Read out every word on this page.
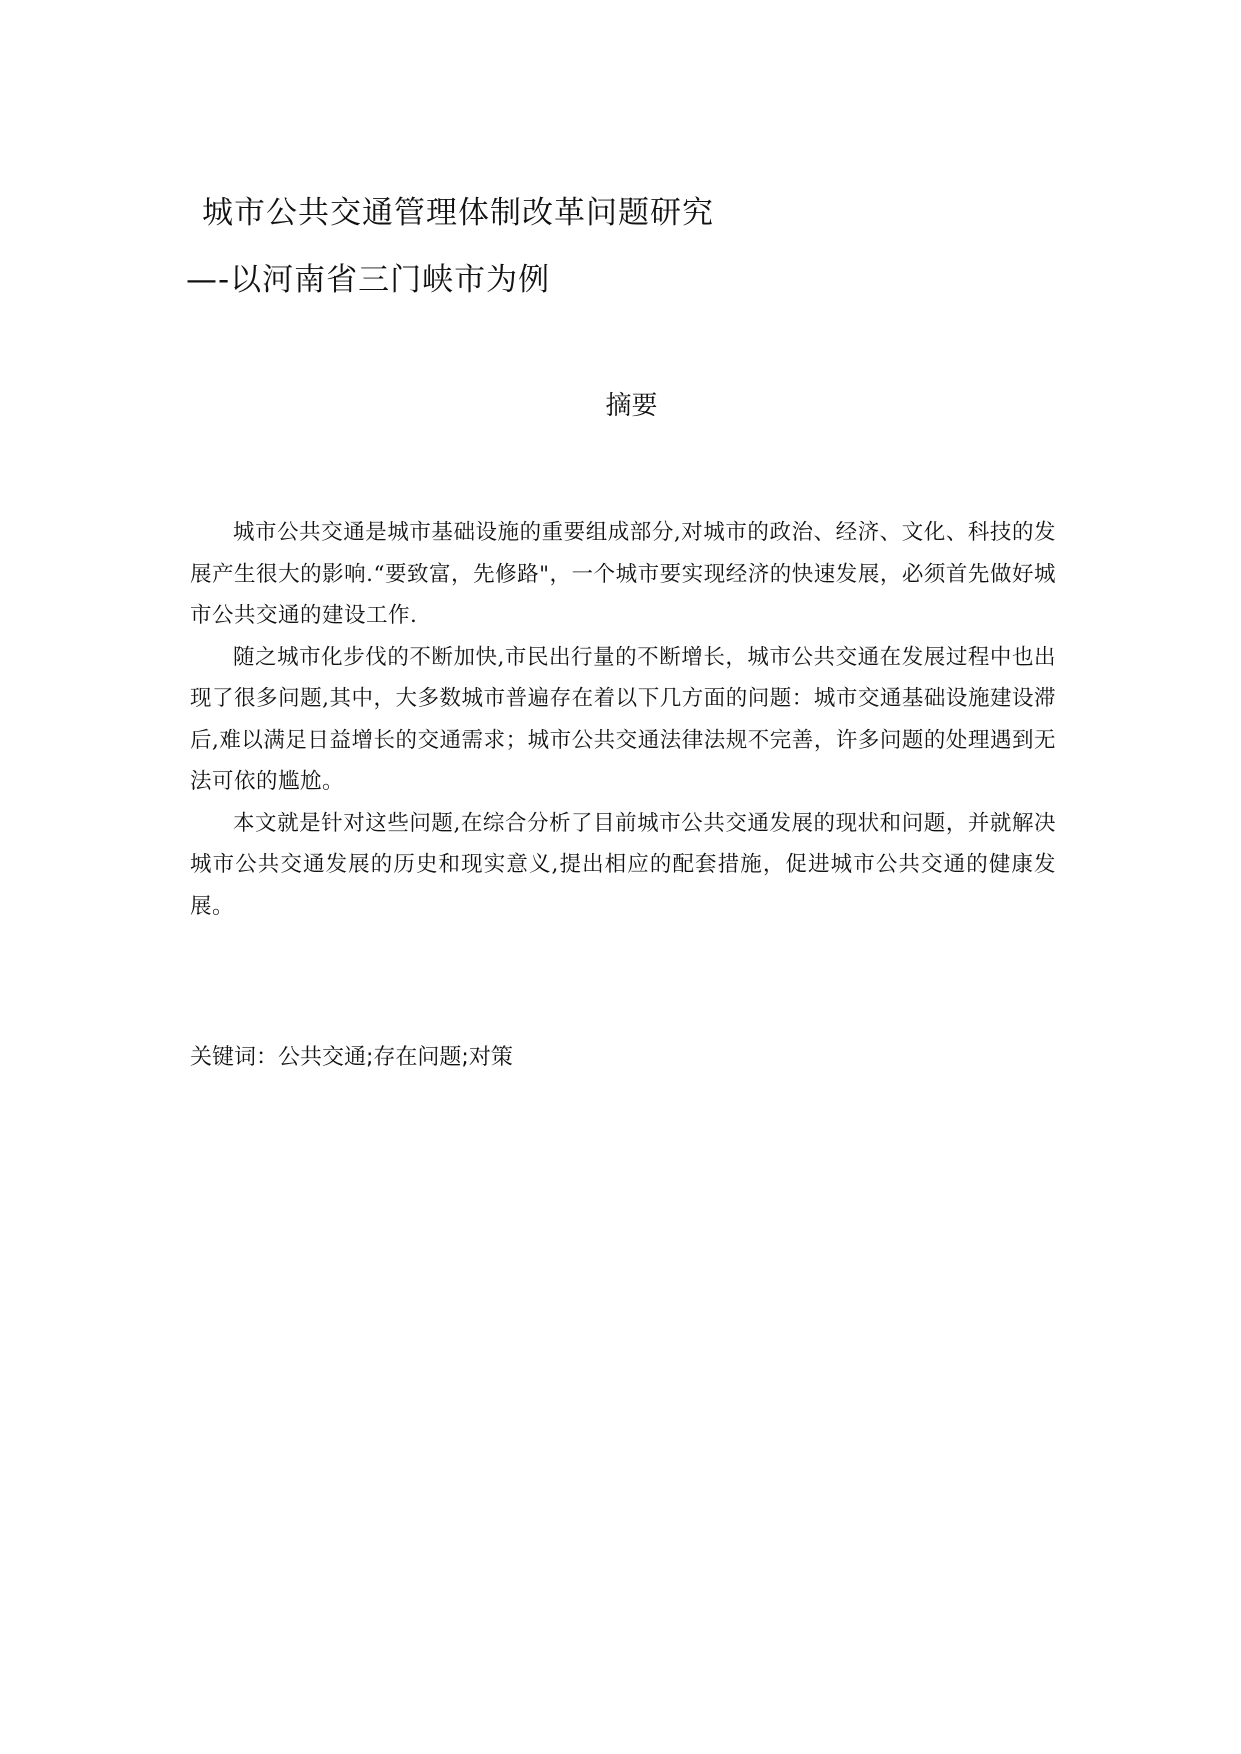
城市公共交通管理体制改革问题研究
—-以河南省三门峡市为例
摘要

城市公共交通是城市基础设施的重要组成部分,对城市的政治、经济、文化、科技的发展产生很大的影响.“要致富，先修路"，一个城市要实现经济的快速发展，必须首先做好城市公共交通的建设工作.

随之城市化步伐的不断加快,市民出行量的不断增长，城市公共交通在发展过程中也出现了很多问题,其中，大多数城市普遍存在着以下几方面的问题：城市交通基础设施建设滞后,难以满足日益增长的交通需求；城市公共交通法律法规不完善，许多问题的处理遇到无法可依的尴尬。

本文就是针对这些问题,在综合分析了目前城市公共交通发展的现状和问题，并就解决城市公共交通发展的历史和现实意义,提出相应的配套措施，促进城市公共交通的健康发展。

关键词：公共交通;存在问题;对策
